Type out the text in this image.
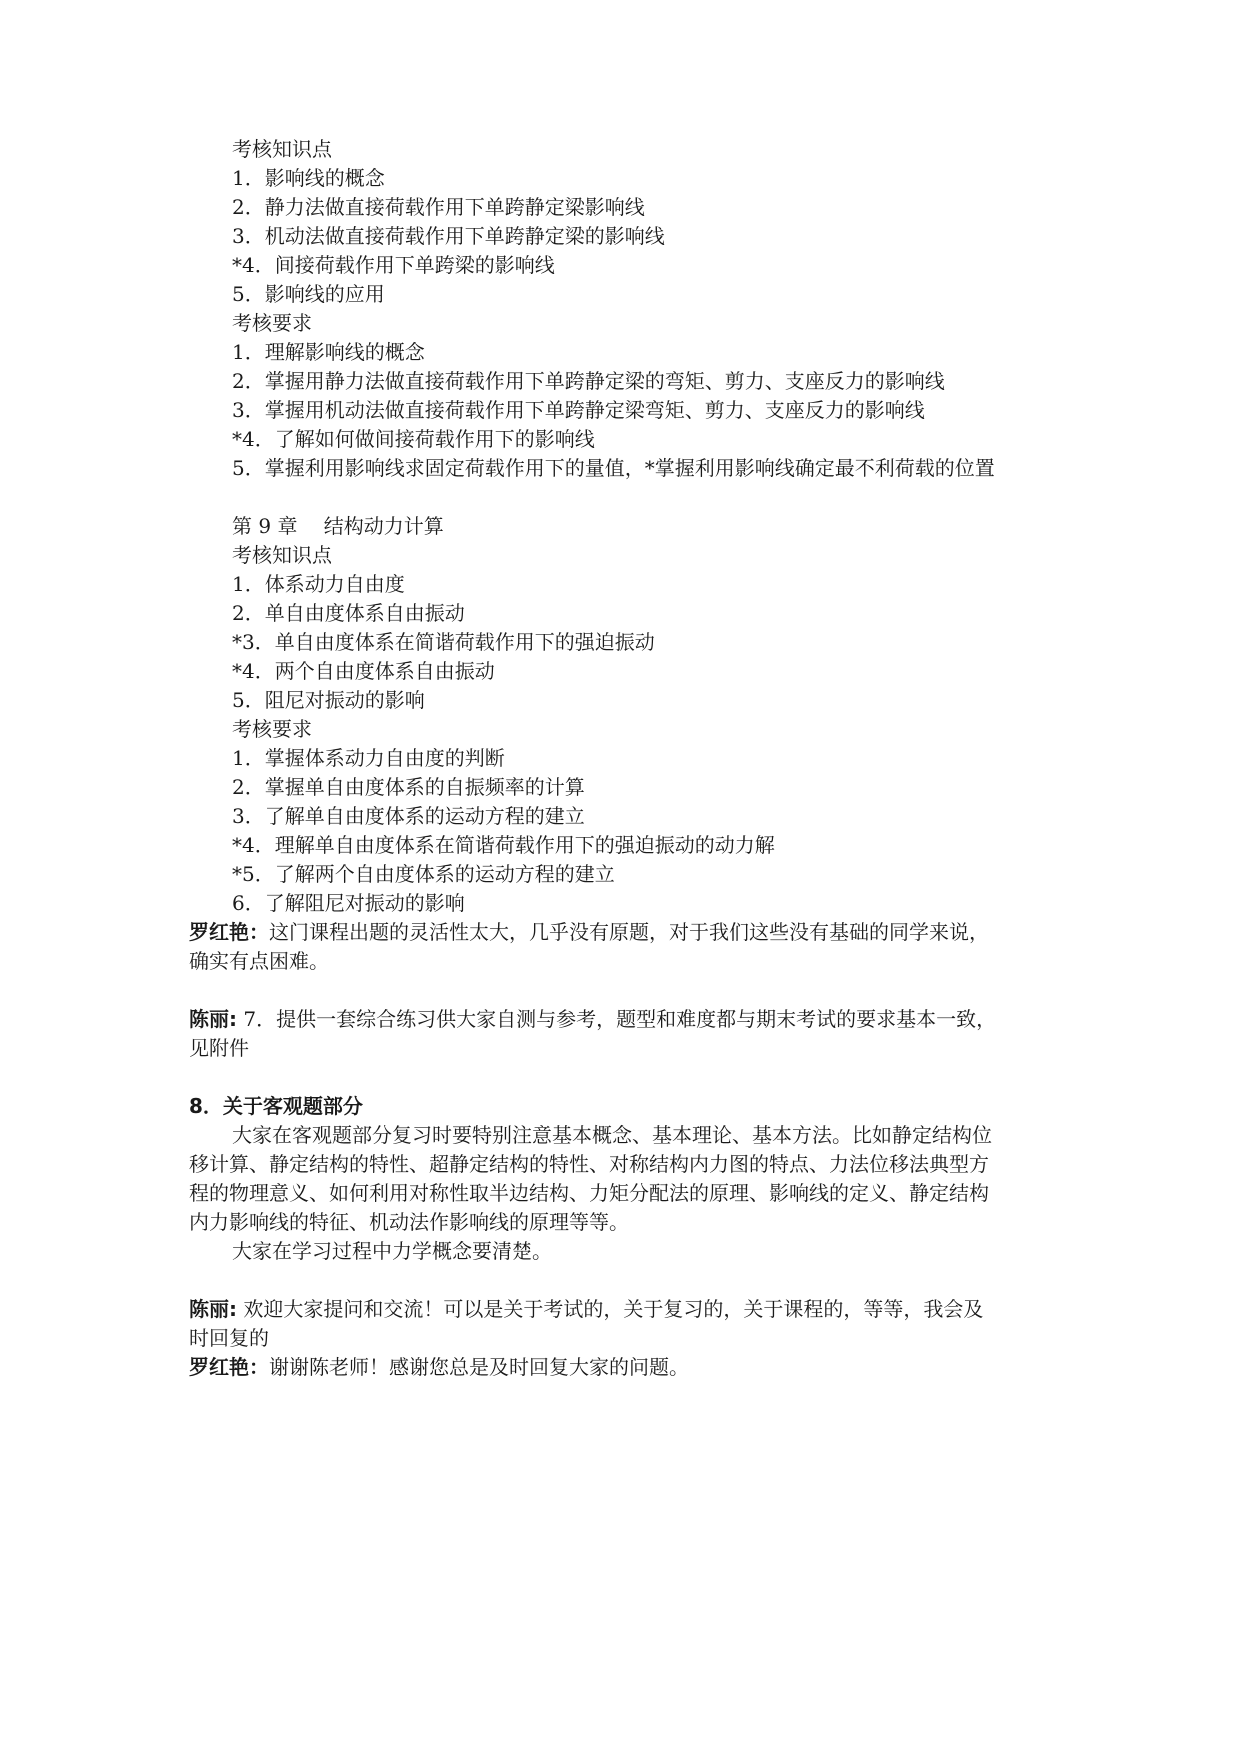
考核知识点
1．影响线的概念
2．静力法做直接荷载作用下单跨静定梁影响线
3．机动法做直接荷载作用下单跨静定梁的影响线
*4．间接荷载作用下单跨梁的影响线
5．影响线的应用
考核要求
1．理解影响线的概念
2．掌握用静力法做直接荷载作用下单跨静定梁的弯矩、剪力、支座反力的影响线
3．掌握用机动法做直接荷载作用下单跨静定梁弯矩、剪力、支座反力的影响线
*4．了解如何做间接荷载作用下的影响线
5．掌握利用影响线求固定荷载作用下的量值，*掌握利用影响线确定最不利荷载的位置
第 9 章　 结构动力计算
考核知识点
1．体系动力自由度
2．单自由度体系自由振动
*3．单自由度体系在简谐荷载作用下的强迫振动
*4．两个自由度体系自由振动
5．阻尼对振动的影响
考核要求
1．掌握体系动力自由度的判断
2．掌握单自由度体系的自振频率的计算
3．了解单自由度体系的运动方程的建立
*4．理解单自由度体系在简谐荷载作用下的强迫振动的动力解
*5．了解两个自由度体系的运动方程的建立
6．了解阻尼对振动的影响
罗红艳：这门课程出题的灵活性太大，几乎没有原题，对于我们这些没有基础的同学来说，
确实有点困难。
陈丽: 7．提供一套综合练习供大家自测与参考，题型和难度都与期末考试的要求基本一致，
见附件
8．关于客观题部分
大家在客观题部分复习时要特别注意基本概念、基本理论、基本方法。比如静定结构位
移计算、静定结构的特性、超静定结构的特性、对称结构内力图的特点、力法位移法典型方
程的物理意义、如何利用对称性取半边结构、力矩分配法的原理、影响线的定义、静定结构
内力影响线的特征、机动法作影响线的原理等等。
大家在学习过程中力学概念要清楚。
陈丽: 欢迎大家提问和交流！可以是关于考试的，关于复习的，关于课程的，等等，我会及
时回复的
罗红艳：谢谢陈老师！感谢您总是及时回复大家的问题。
